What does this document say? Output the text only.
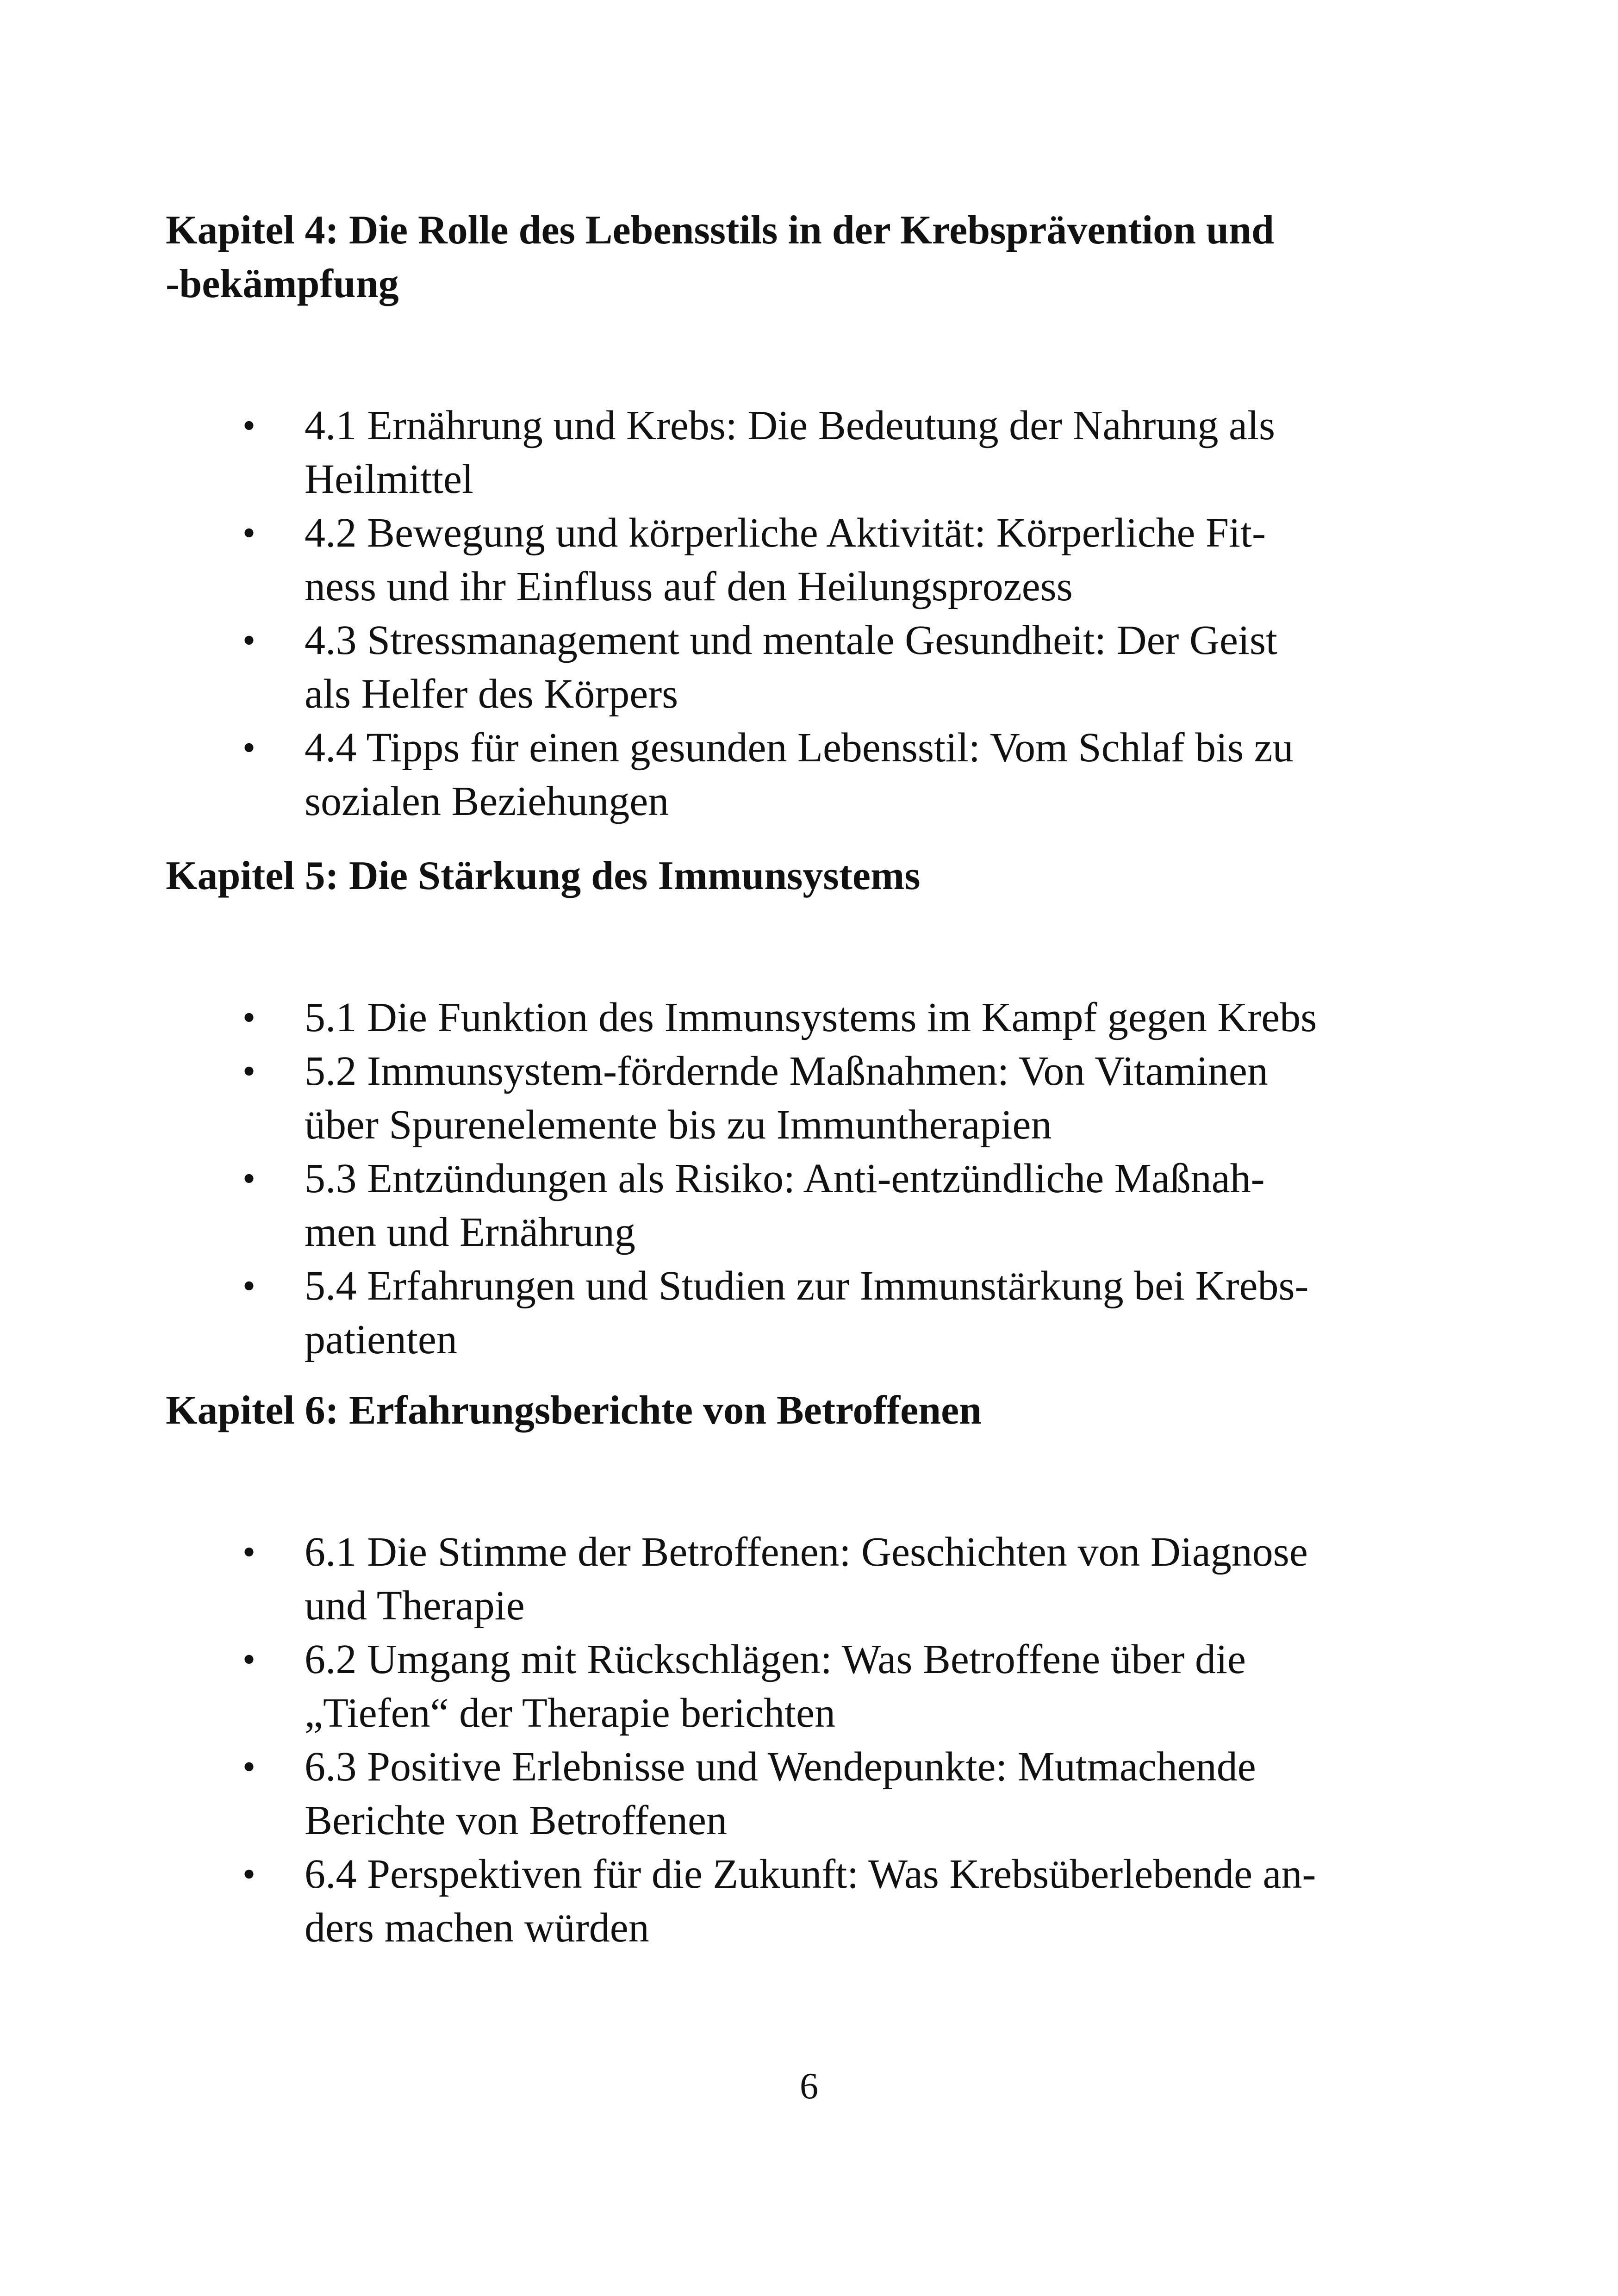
Kapitel 4: Die Rolle des Lebensstils in der Krebsprävention und
-bekämpfung
• 4.1 Ernährung und Krebs: Die Bedeutung der Nahrung als
Heilmittel
• 4.2 Bewegung und körperliche Aktivität: Körperliche Fit-
ness und ihr Einfluss auf den Heilungsprozess
• 4.3 Stressmanagement und mentale Gesundheit: Der Geist
als Helfer des Körpers
• 4.4 Tipps für einen gesunden Lebensstil: Vom Schlaf bis zu
sozialen Beziehungen
Kapitel 5: Die Stärkung des Immunsystems
• 5.1 Die Funktion des Immunsystems im Kampf gegen Krebs
• 5.2 Immunsystem-fördernde Maßnahmen: Von Vitaminen
über Spurenelemente bis zu Immuntherapien
• 5.3 Entzündungen als Risiko: Anti-entzündliche Maßnah-
men und Ernährung
• 5.4 Erfahrungen und Studien zur Immunstärkung bei Krebs-
patienten
Kapitel 6: Erfahrungsberichte von Betroffenen
• 6.1 Die Stimme der Betroffenen: Geschichten von Diagnose
und Therapie
• 6.2 Umgang mit Rückschlägen: Was Betroffene über die
„Tiefen“ der Therapie berichten
• 6.3 Positive Erlebnisse und Wendepunkte: Mutmachende
Berichte von Betroffenen
• 6.4 Perspektiven für die Zukunft: Was Krebsüberlebende an-
ders machen würden
6
